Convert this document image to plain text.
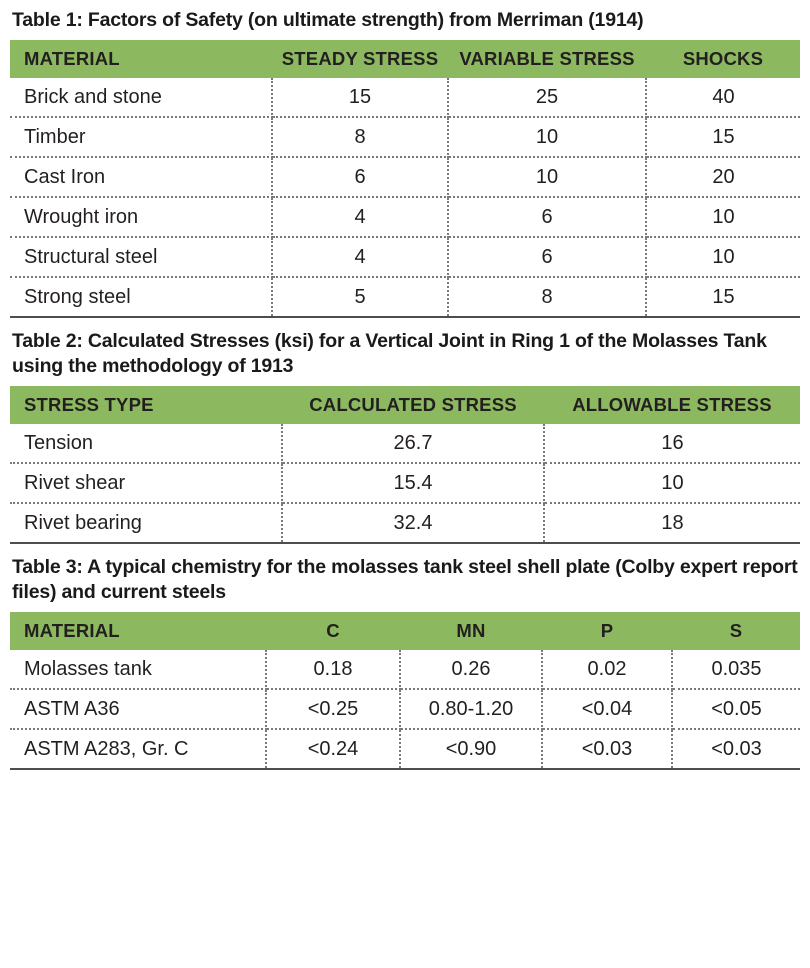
Table 1: Factors of Safety (on ultimate strength) from Merriman (1914)
MATERIAL	STEADY STRESS	VARIABLE STRESS	SHOCKS
Brick and stone	15	25	40
Timber	8	10	15
Cast Iron	6	10	20
Wrought iron	4	6	10
Structural steel	4	6	10
Strong steel	5	8	15
Table 2: Calculated Stresses (ksi) for a Vertical Joint in Ring 1 of the Molasses Tank using the methodology of 1913
STRESS TYPE	CALCULATED STRESS	ALLOWABLE STRESS
Tension	26.7	16
Rivet shear	15.4	10
Rivet bearing	32.4	18
Table 3: A typical chemistry for the molasses tank steel shell plate (Colby expert report files) and current steels
MATERIAL	C	MN	P	S
Molasses tank	0.18	0.26	0.02	0.035
ASTM A36	<0.25	0.80-1.20	<0.04	<0.05
ASTM A283, Gr. C	<0.24	<0.90	<0.03	<0.03
